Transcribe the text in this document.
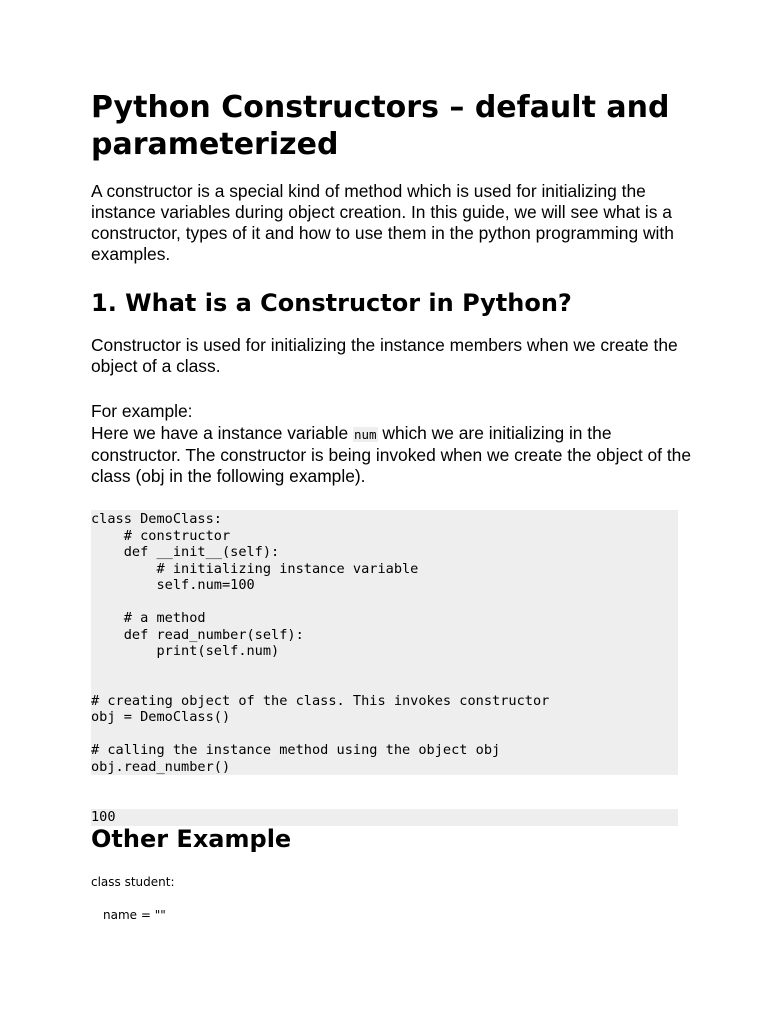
Python Constructors – default and parameterized

A constructor is a special kind of method which is used for initializing the instance variables during object creation. In this guide, we will see what is a constructor, types of it and how to use them in the python programming with examples.

1. What is a Constructor in Python?

Constructor is used for initializing the instance members when we create the object of a class.

For example:

Here we have a instance variable num which we are initializing in the constructor. The constructor is being invoked when we create the object of the class (obj in the following example).

class DemoClass:
# constructor
def __init__(self):
# initializing instance variable
self.num=100

# a method
def read_number(self):
print(self.num)

# creating object of the class. This invokes constructor
obj = DemoClass()

# calling the instance method using the object obj
obj.read_number()
100
Other Example

class student:

name = ""
